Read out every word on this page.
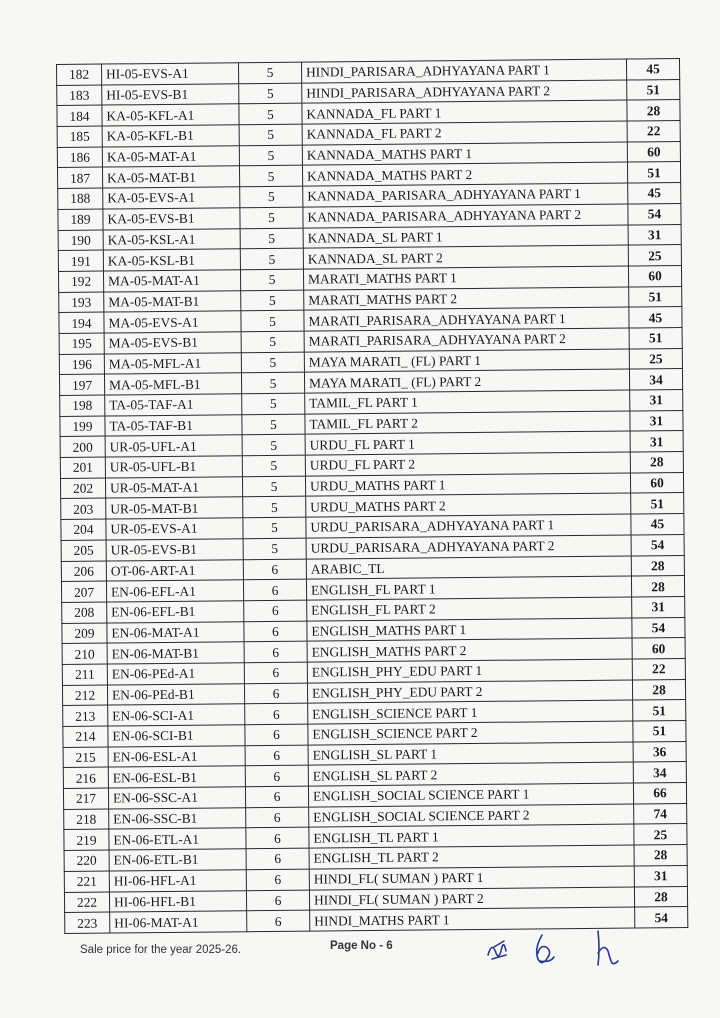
182	HI-05-EVS-A1	5	HINDI_PARISARA_ADHYAYANA PART 1	45
183	HI-05-EVS-B1	5	HINDI_PARISARA_ADHYAYANA PART 2	51
184	KA-05-KFL-A1	5	KANNADA_FL PART 1	28
185	KA-05-KFL-B1	5	KANNADA_FL PART 2	22
186	KA-05-MAT-A1	5	KANNADA_MATHS PART 1	60
187	KA-05-MAT-B1	5	KANNADA_MATHS PART 2	51
188	KA-05-EVS-A1	5	KANNADA_PARISARA_ADHYAYANA PART 1	45
189	KA-05-EVS-B1	5	KANNADA_PARISARA_ADHYAYANA PART 2	54
190	KA-05-KSL-A1	5	KANNADA_SL PART 1	31
191	KA-05-KSL-B1	5	KANNADA_SL PART 2	25
192	MA-05-MAT-A1	5	MARATI_MATHS PART 1	60
193	MA-05-MAT-B1	5	MARATI_MATHS PART 2	51
194	MA-05-EVS-A1	5	MARATI_PARISARA_ADHYAYANA PART 1	45
195	MA-05-EVS-B1	5	MARATI_PARISARA_ADHYAYANA PART 2	51
196	MA-05-MFL-A1	5	MAYA MARATI_ (FL) PART 1	25
197	MA-05-MFL-B1	5	MAYA MARATI_ (FL) PART 2	34
198	TA-05-TAF-A1	5	TAMIL_FL PART 1	31
199	TA-05-TAF-B1	5	TAMIL_FL PART 2	31
200	UR-05-UFL-A1	5	URDU_FL PART 1	31
201	UR-05-UFL-B1	5	URDU_FL PART 2	28
202	UR-05-MAT-A1	5	URDU_MATHS PART 1	60
203	UR-05-MAT-B1	5	URDU_MATHS PART 2	51
204	UR-05-EVS-A1	5	URDU_PARISARA_ADHYAYANA PART 1	45
205	UR-05-EVS-B1	5	URDU_PARISARA_ADHYAYANA PART 2	54
206	OT-06-ART-A1	6	ARABIC_TL	28
207	EN-06-EFL-A1	6	ENGLISH_FL PART 1	28
208	EN-06-EFL-B1	6	ENGLISH_FL PART 2	31
209	EN-06-MAT-A1	6	ENGLISH_MATHS PART 1	54
210	EN-06-MAT-B1	6	ENGLISH_MATHS PART 2	60
211	EN-06-PEd-A1	6	ENGLISH_PHY_EDU PART 1	22
212	EN-06-PEd-B1	6	ENGLISH_PHY_EDU PART 2	28
213	EN-06-SCI-A1	6	ENGLISH_SCIENCE PART 1	51
214	EN-06-SCI-B1	6	ENGLISH_SCIENCE PART 2	51
215	EN-06-ESL-A1	6	ENGLISH_SL PART 1	36
216	EN-06-ESL-B1	6	ENGLISH_SL PART 2	34
217	EN-06-SSC-A1	6	ENGLISH_SOCIAL SCIENCE PART 1	66
218	EN-06-SSC-B1	6	ENGLISH_SOCIAL SCIENCE PART 2	74
219	EN-06-ETL-A1	6	ENGLISH_TL PART 1	25
220	EN-06-ETL-B1	6	ENGLISH_TL PART 2	28
221	HI-06-HFL-A1	6	HINDI_FL( SUMAN ) PART 1	31
222	HI-06-HFL-B1	6	HINDI_FL( SUMAN ) PART 2	28
223	HI-06-MAT-A1	6	HINDI_MATHS PART 1	54
Sale price for the year 2025-26.	Page No - 6
